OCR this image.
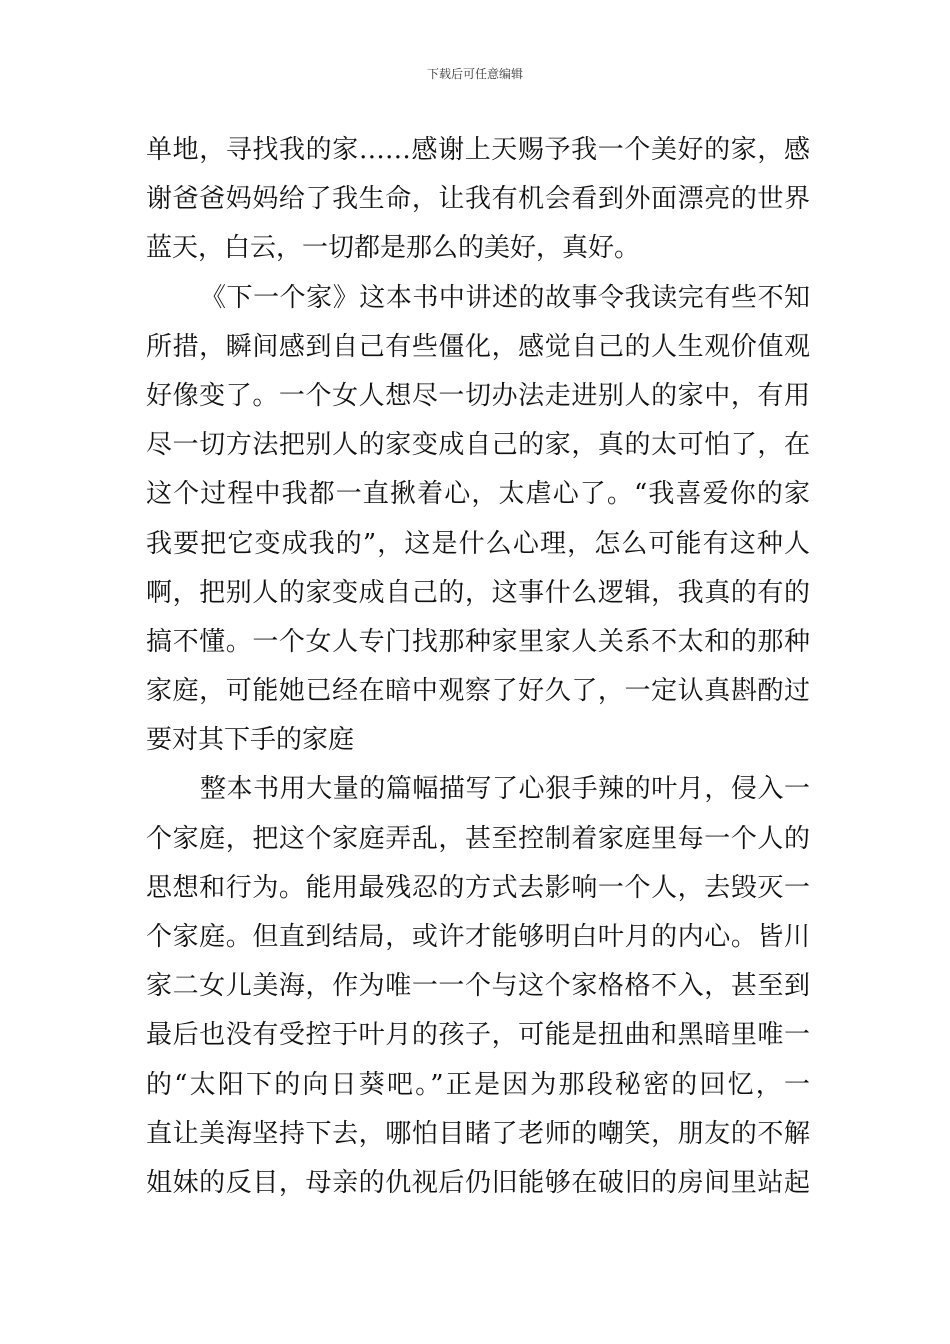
下载后可任意编辑
单地，寻找我的家……感谢上天赐予我一个美好的家，感
谢爸爸妈妈给了我生命，让我有机会看到外面漂亮的世界
蓝天，白云，一切都是那么的美好，真好。
《下一个家》这本书中讲述的故事令我读完有些不知
所措，瞬间感到自己有些僵化，感觉自己的人生观价值观
好像变了。一个女人想尽一切办法走进别人的家中，有用
尽一切方法把别人的家变成自己的家，真的太可怕了，在
这个过程中我都一直揪着心，太虐心了。“我喜爱你的家
我要把它变成我的”，这是什么心理，怎么可能有这种人
啊，把别人的家变成自己的，这事什么逻辑，我真的有的
搞不懂。一个女人专门找那种家里家人关系不太和的那种
家庭，可能她已经在暗中观察了好久了，一定认真斟酌过
要对其下手的家庭
整本书用大量的篇幅描写了心狠手辣的叶月，侵入一
个家庭，把这个家庭弄乱，甚至控制着家庭里每一个人的
思想和行为。能用最残忍的方式去影响一个人，去毁灭一
个家庭。但直到结局，或许才能够明白叶月的内心。皆川
家二女儿美海，作为唯一一个与这个家格格不入，甚至到
最后也没有受控于叶月的孩子，可能是扭曲和黑暗里唯一
的“太阳下的向日葵吧。”正是因为那段秘密的回忆，一
直让美海坚持下去，哪怕目睹了老师的嘲笑，朋友的不解
姐妹的反目，母亲的仇视后仍旧能够在破旧的房间里站起
